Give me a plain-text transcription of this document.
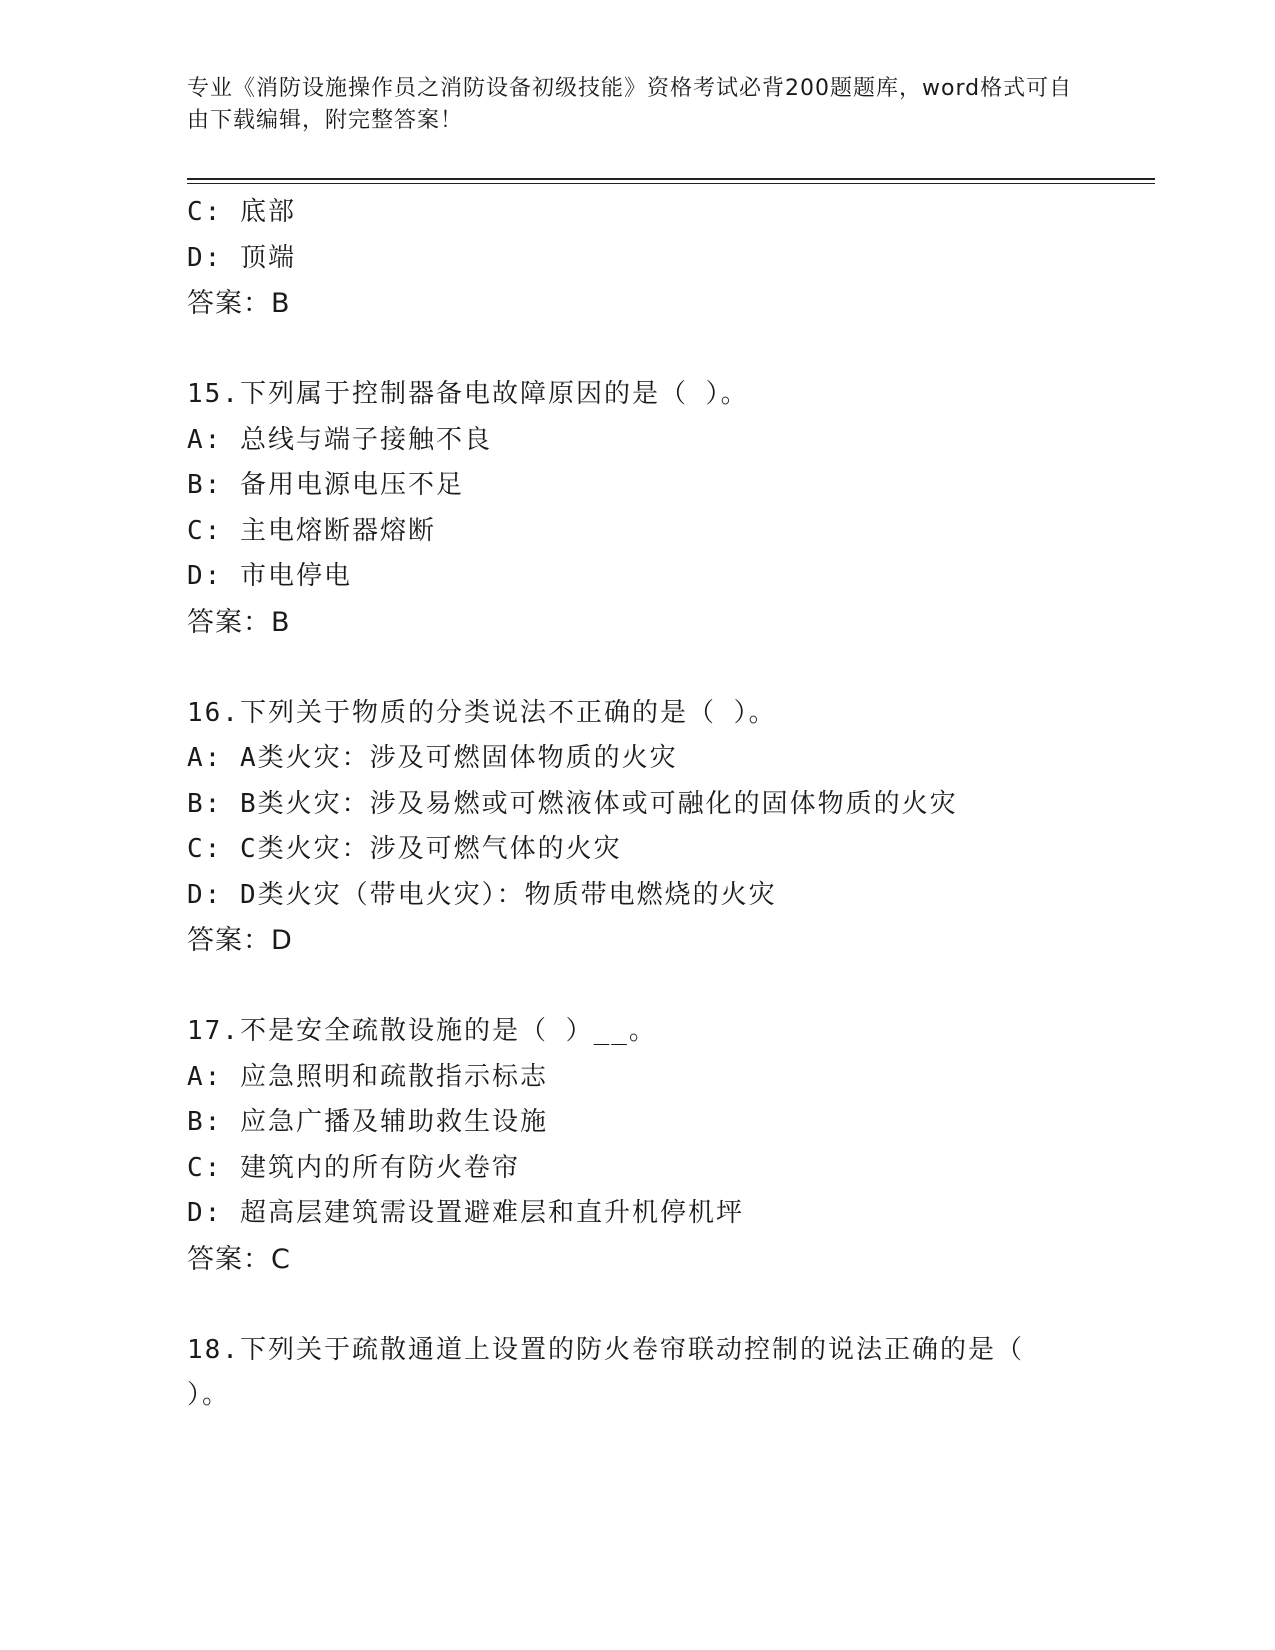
专业《消防设施操作员之消防设备初级技能》资格考试必背200题题库，word格式可自由下载编辑，附完整答案！
C: 底部
D: 顶端
答案：B
15.下列属于控制器备电故障原因的是（ ）。
A: 总线与端子接触不良
B: 备用电源电压不足
C: 主电熔断器熔断
D: 市电停电
答案：B
16.下列关于物质的分类说法不正确的是（ ）。
A: A类火灾：涉及可燃固体物质的火灾
B: B类火灾：涉及易燃或可燃液体或可融化的固体物质的火灾
C: C类火灾：涉及可燃气体的火灾
D: D类火灾（带电火灾）：物质带电燃烧的火灾
答案：D
17.不是安全疏散设施的是（ ）__。
A: 应急照明和疏散指示标志
B: 应急广播及辅助救生设施
C: 建筑内的所有防火卷帘
D: 超高层建筑需设置避难层和直升机停机坪
答案：C
18.下列关于疏散通道上设置的防火卷帘联动控制的说法正确的是（ ）。
